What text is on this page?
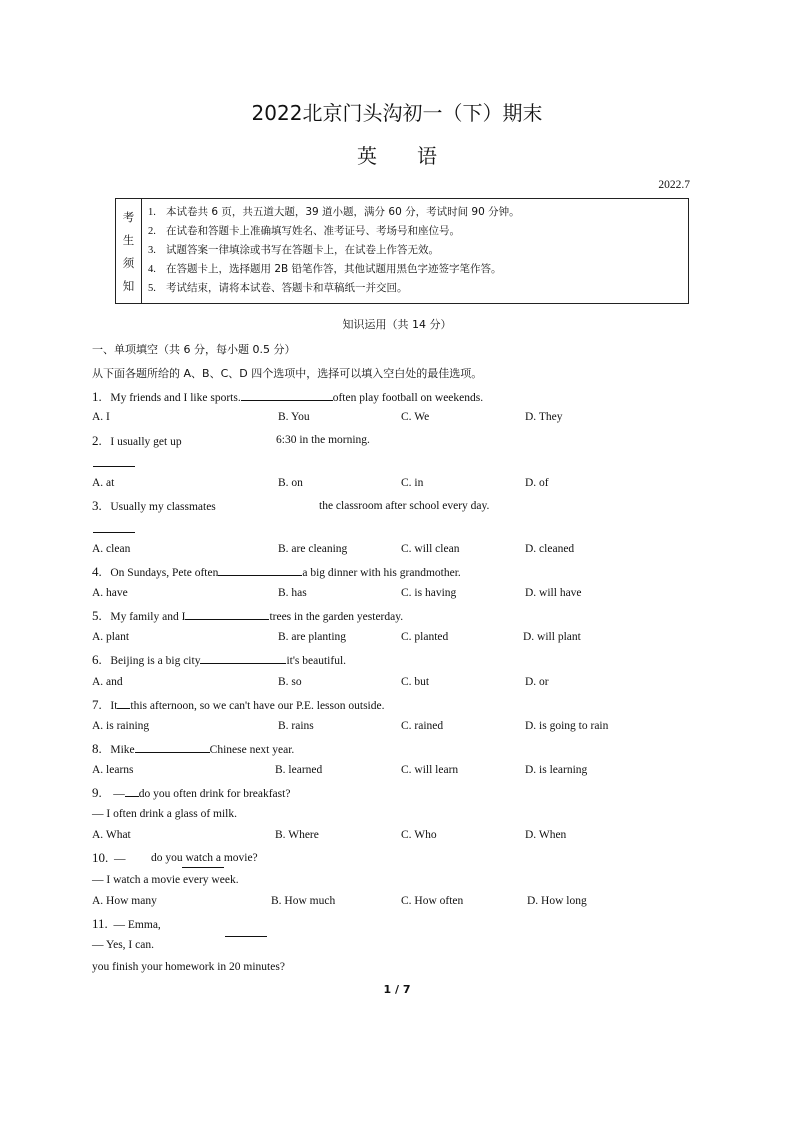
2022北京门头沟初一（下）期末
英 语
2022.7
考
生
须
知
1. 本试卷共 6 页，共五道大题，39 道小题，满分 60 分，考试时间 90 分钟。
2. 在试卷和答题卡上准确填写姓名、准考证号、考场号和座位号。
3. 试题答案一律填涂或书写在答题卡上，在试卷上作答无效。
4. 在答题卡上，选择题用 2B 铅笔作答，其他试题用黑色字迹签字笔作答。
5. 考试结束，请将本试卷、答题卡和草稿纸一并交回。
知识运用（共 14 分）
一、单项填空（共 6 分，每小题 0.5 分）
从下面各题所给的 A、B、C、D 四个选项中，选择可以填入空白处的最佳选项。
1. My friends and I like sports.	often play football on weekends.
A. I	B. You	C. We	D. They
2. I usually get up	6:30 in the morning.
A. at	B. on	C. in	D. of
3. Usually my classmates	the classroom after school every day.
A. clean	B. are cleaning	C. will clean	D. cleaned
4. On Sundays, Pete often	a big dinner with his grandmother.
A. have	B. has	C. is having	D. will have
5. My family and I	trees in the garden yesterday.
A. plant	B. are planting	C. planted	D. will plant
6. Beijing is a big city	it's beautiful.
A. and	B. so	C. but	D. or
7. It this afternoon, so we can't have our P.E. lesson outside.
A. is raining	B. rains	C. rained	D. is going to rain
8. Mike	Chinese next year.
A. learns	B. learned	C. will learn	D. is learning
9. — do you often drink for breakfast?
— I often drink a glass of milk.
A. What	B. Where	C. Who	D. When
10. — do you watch a movie?
— I watch a movie every week.
A. How many	B. How much	C. How often	D. How long
11. — Emma,
— Yes, I can.
you finish your homework in 20 minutes?
1 / 7
